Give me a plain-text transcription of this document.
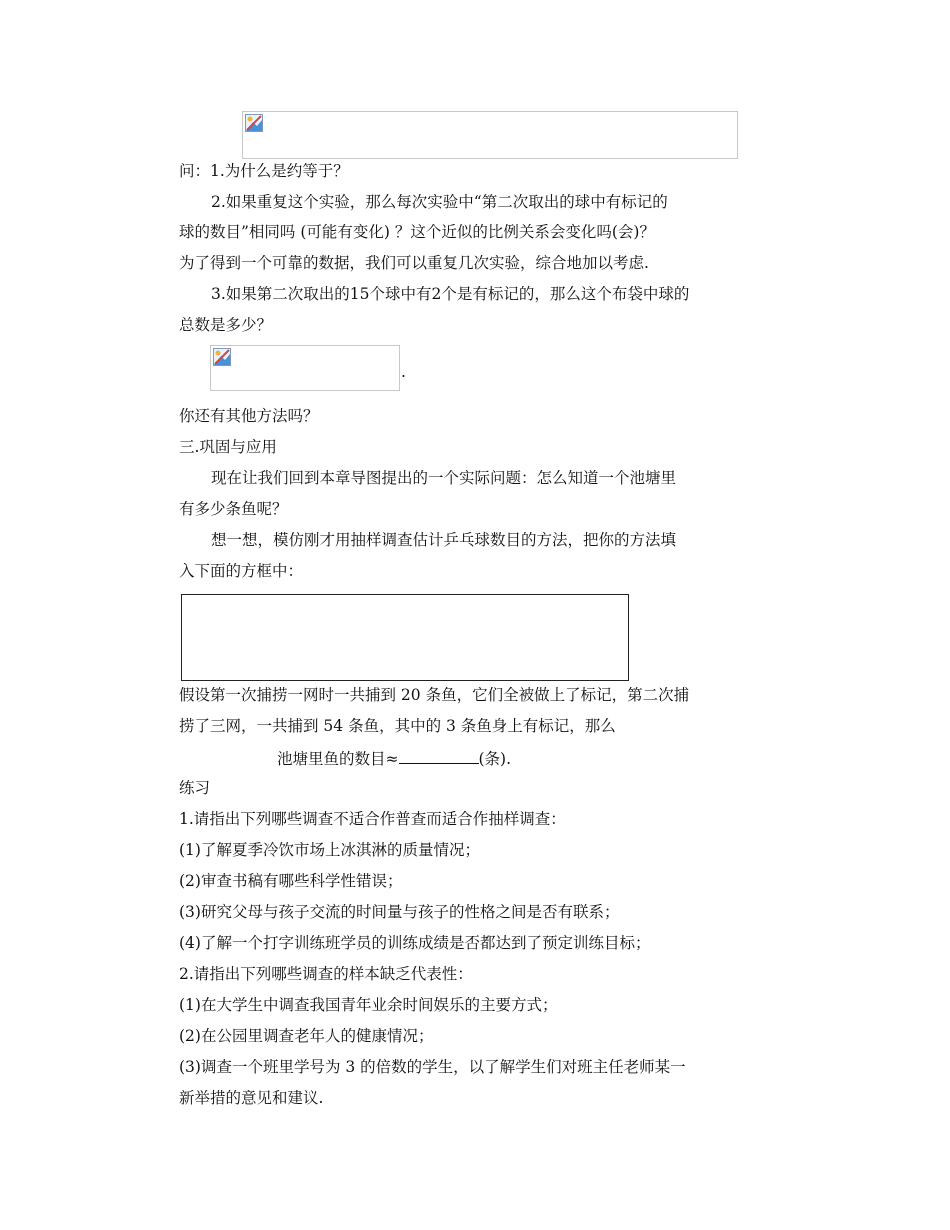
问：1.为什么是约等于？
2.如果重复这个实验，那么每次实验中“第二次取出的球中有标记的
球的数目”相同吗 (可能有变化) ？这个近似的比例关系会变化吗(会)？
为了得到一个可靠的数据，我们可以重复几次实验，综合地加以考虑.
3.如果第二次取出的15个球中有2个是有标记的，那么这个布袋中球的
总数是多少？
.
你还有其他方法吗？
三.巩固与应用
现在让我们回到本章导图提出的一个实际问题：怎么知道一个池塘里
有多少条鱼呢？
想一想，模仿刚才用抽样调查估计乒乓球数目的方法，把你的方法填
入下面的方框中：
假设第一次捕捞一网时一共捕到 20 条鱼，它们全被做上了标记，第二次捕
捞了三网，一共捕到 54 条鱼，其中的 3 条鱼身上有标记，那么
池塘里鱼的数目≈	(条).
练习
1.请指出下列哪些调查不适合作普查而适合作抽样调查：
(1)了解夏季冷饮市场上冰淇淋的质量情况；
(2)审查书稿有哪些科学性错误；
(3)研究父母与孩子交流的时间量与孩子的性格之间是否有联系；
(4)了解一个打字训练班学员的训练成绩是否都达到了预定训练目标；
2.请指出下列哪些调查的样本缺乏代表性：
(1)在大学生中调查我国青年业余时间娱乐的主要方式；
(2)在公园里调查老年人的健康情况；
(3)调查一个班里学号为 3 的倍数的学生，以了解学生们对班主任老师某一
新举措的意见和建议.
